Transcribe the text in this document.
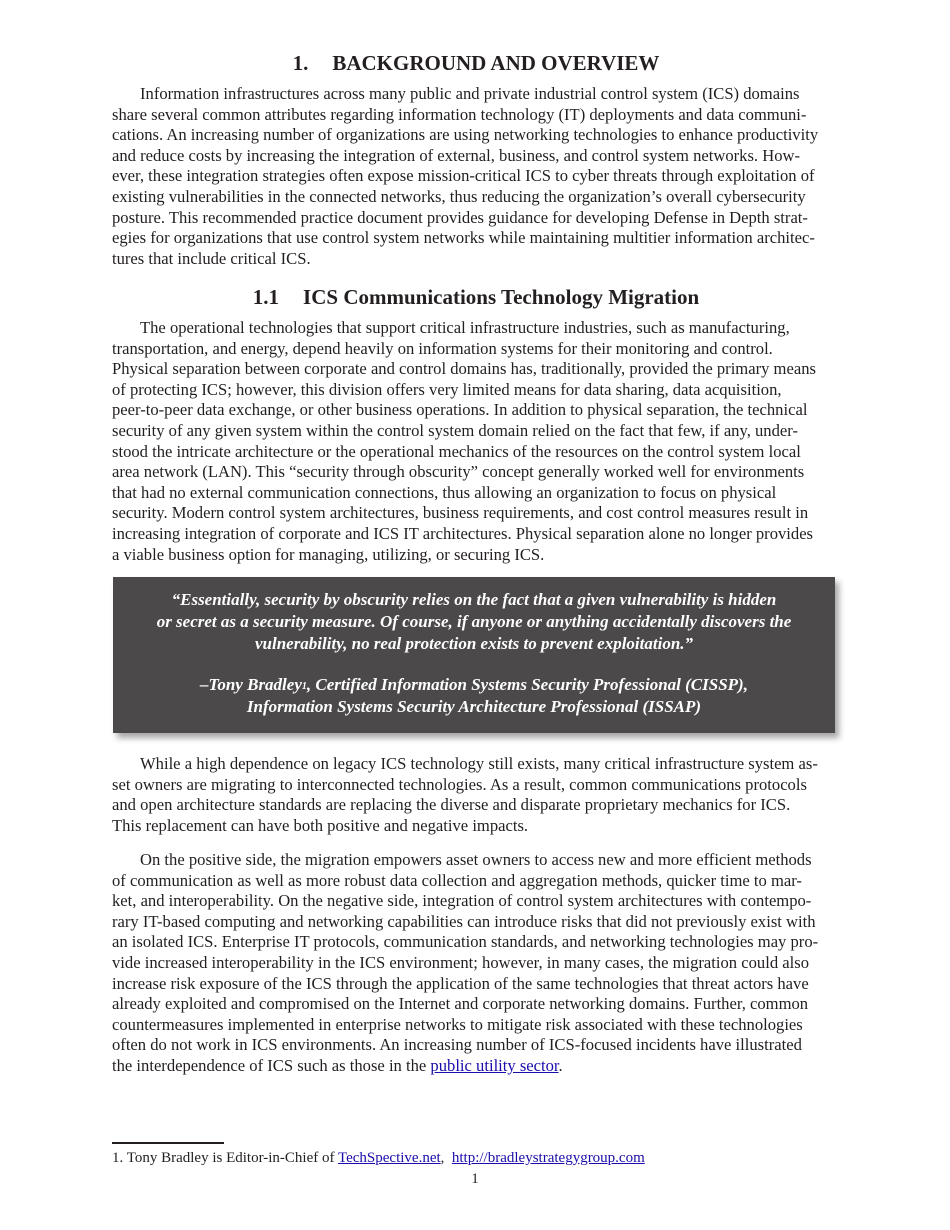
1. BACKGROUND AND OVERVIEW
Information infrastructures across many public and private industrial control system (ICS) domains
share several common attributes regarding information technology (IT) deployments and data communi-
cations. An increasing number of organizations are using networking technologies to enhance productivity
and reduce costs by increasing the integration of external, business, and control system networks. How-
ever, these integration strategies often expose mission-critical ICS to cyber threats through exploitation of
existing vulnerabilities in the connected networks, thus reducing the organization’s overall cybersecurity
posture. This recommended practice document provides guidance for developing Defense in Depth strat-
egies for organizations that use control system networks while maintaining multitier information architec-
tures that include critical ICS.
1.1 ICS Communications Technology Migration
The operational technologies that support critical infrastructure industries, such as manufacturing,
transportation, and energy, depend heavily on information systems for their monitoring and control.
Physical separation between corporate and control domains has, traditionally, provided the primary means
of protecting ICS; however, this division offers very limited means for data sharing, data acquisition,
peer-to-peer data exchange, or other business operations. In addition to physical separation, the technical
security of any given system within the control system domain relied on the fact that few, if any, under-
stood the intricate architecture or the operational mechanics of the resources on the control system local
area network (LAN). This “security through obscurity” concept generally worked well for environments
that had no external communication connections, thus allowing an organization to focus on physical
security. Modern control system architectures, business requirements, and cost control measures result in
increasing integration of corporate and ICS IT architectures. Physical separation alone no longer provides
a viable business option for managing, utilizing, or securing ICS.
While a high dependence on legacy ICS technology still exists, many critical infrastructure system as-
set owners are migrating to interconnected technologies. As a result, common communications protocols
and open architecture standards are replacing the diverse and disparate proprietary mechanics for ICS.
This replacement can have both positive and negative impacts.
On the positive side, the migration empowers asset owners to access new and more efficient methods
of communication as well as more robust data collection and aggregation methods, quicker time to mar-
ket, and interoperability. On the negative side, integration of control system architectures with contempo-
rary IT-based computing and networking capabilities can introduce risks that did not previously exist with
an isolated ICS. Enterprise IT protocols, communication standards, and networking technologies may pro-
vide increased interoperability in the ICS environment; however, in many cases, the migration could also
increase risk exposure of the ICS through the application of the same technologies that threat actors have
already exploited and compromised on the Internet and corporate networking domains. Further, common
countermeasures implemented in enterprise networks to mitigate risk associated with these technologies
often do not work in ICS environments. An increasing number of ICS-focused incidents have illustrated
the interdependence of ICS such as those in the public utility sector.
“Essentially, security by obscurity relies on the fact that a given vulnerability is hidden
or secret as a security measure. Of course, if anyone or anything accidentally discovers the
vulnerability, no real protection exists to prevent exploitation.”
–Tony Bradley$^1$, Certified Information Systems Security Professional (CISSP),
Information Systems Security Architecture Professional (ISSAP)
1. Tony Bradley is Editor-in-Chief of TechSpective.net,  http://bradleystrategygroup.com
1
